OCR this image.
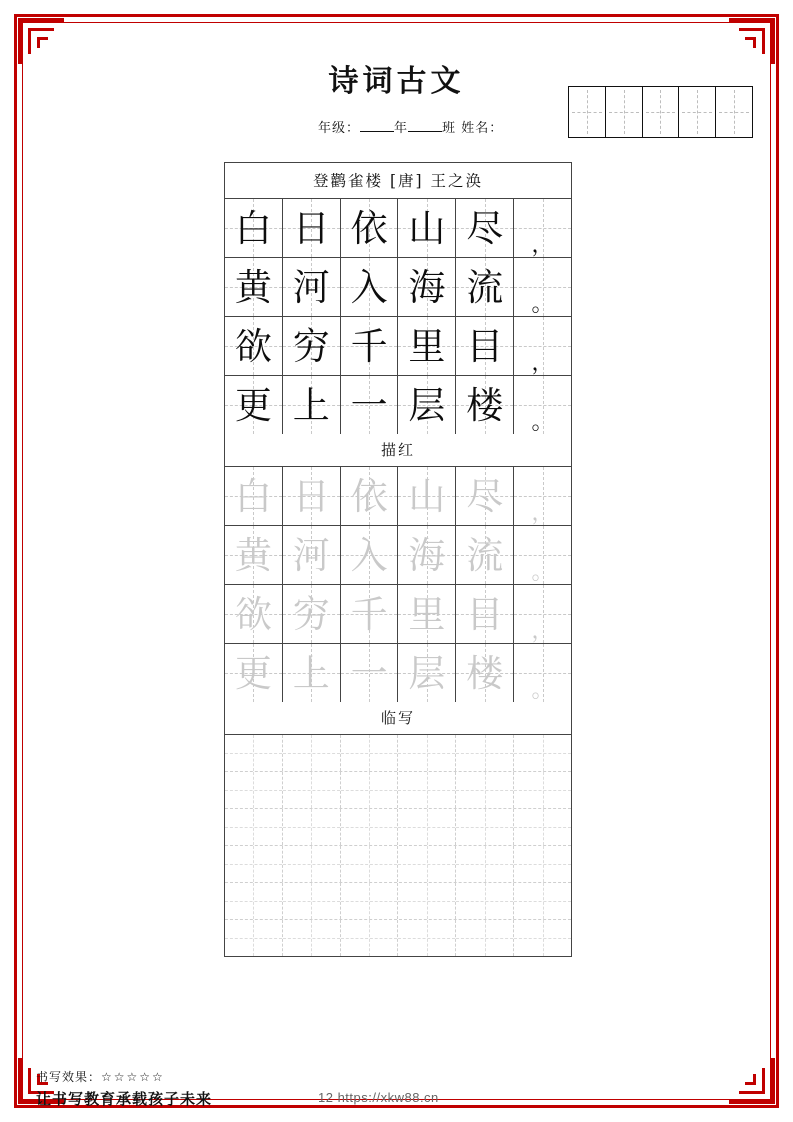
诗词古文
年级：	年	班 姓名：
登鹳雀楼 [唐] 王之涣
白 日 依 山 尽 ，
黄 河 入 海 流 。
欲 穷 千 里 目 ，
更 上 一 层 楼 。
描红
白 日 依 山 尽 ，
黄 河 入 海 流 。
欲 穷 千 里 目 ，
更 上 一 层 楼 。
临写
书写效果：☆☆☆☆☆
让书写教育承载孩子未来	12 https://xkw88.cn
